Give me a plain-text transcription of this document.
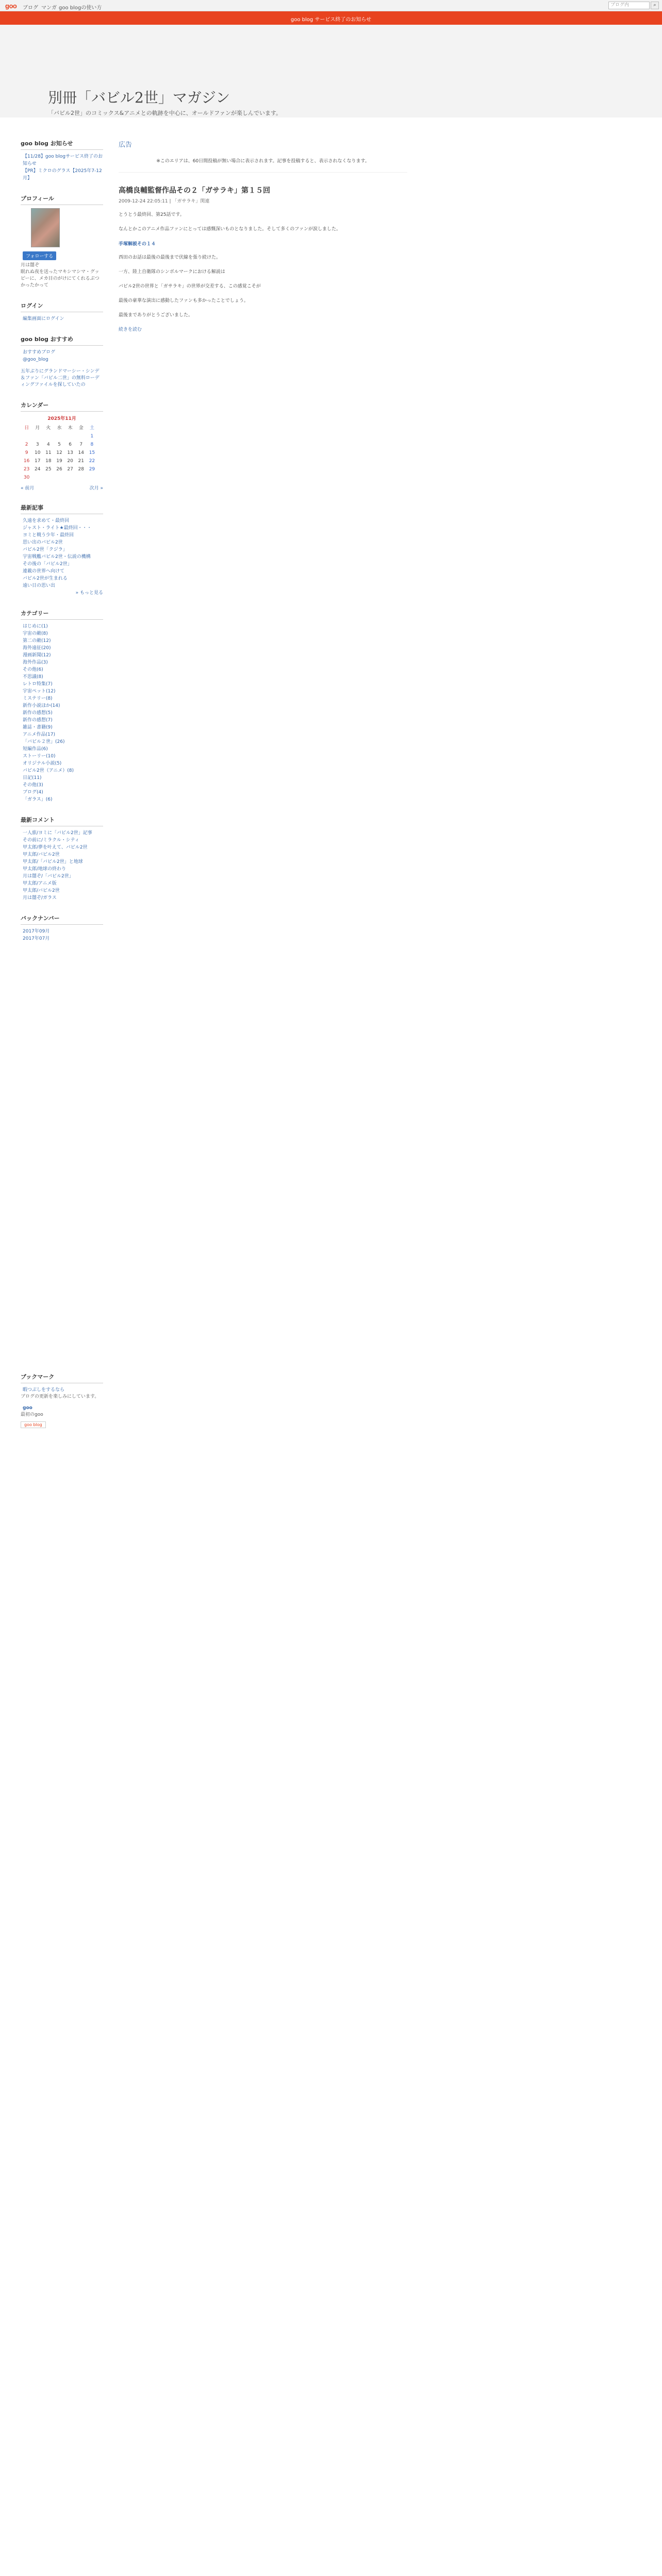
goo ブログ マンガ goo blogの使い方	ブログ内	⌕
goo blog サービス終了のお知らせ
別冊「バビル2世」マガジン
「バビル2世」のコミックス&アニメとの軌跡を中心に、オールドファンが楽しんでいます。
goo blog お知らせ
【11/28】goo blogサービス終了のお知らせ
【PR】ミクロのグラス【2025年7-12月】
プロフィール
フォローする
月は闇ぞ
眠れぬ夜を送ったマキシマシマ・グッピーに、メカ目のがけにてくれるぶつかったかって
ログイン
編集画面にログイン
goo blog おすすめ
おすすめブログ
@goo_blog
五年ぶりにグランドマーシー・シンデ＆ファン「バビル二世」の無料ローディングファイルを探していたの
カレンダー
2025年11月
日	月	火	水	木	金	土
						1
2	3	4	5	6	7	8
9	10	11	12	13	14	15
16	17	18	19	20	21	22
23	24	25	26	27	28	29
30						
« 前月	次月 »
最新記事
久遠を求めて・最終回
ジャスト・ライト★最終回・・・
ヨミと戦う少年・最終回
思い出のバビル2世
バビル2世「クジラ」
宇宙戦艦バビル2世・伝説の機構
その後の「バビル2世」
連載の世界へ向けて
バビル2世が生まれる
遠い日の思い出
» もっと見る
カテゴリー
はじめに(1)
宇宙の敵(8)
第二の敵(12)
海外遠征(20)
漫画新聞(12)
海外作品(3)
その他(6)
不思議(8)
レトロ特集(7)
宇宙ペット(12)
ミステリー(8)
新作小説ほか(14)
新作の感想(5)
新作の感想(7)
雑誌・書籍(9)
アニメ作品(17)
「バビル２世」(26)
短編作品(6)
ストーリー(10)
オリジナル小説(5)
バビル2世（アニメ）(8)
日記(11)
その他(3)
ブログ(4)
「ガラス」(6)
最新コメント
一人旅/ヨミに「バビル2世」記事
その前に/ミラクル・シティ
甲太郎/夢を叶えて、バビル2世
甲太郎/バビル2世
甲太郎/「バビル2世」と地球
甲太郎/地球の終わり
月は闇ぞ/「バビル2世」
甲太郎/アニメ版
甲太郎/バビル2世
月は闇ぞ/ガラス
バックナンバー
2017年09月
2017年07月
広告
※このエリアは、60日間投稿が無い場合に表示されます。記事を投稿すると、表示されなくなります。
高橋良輔監督作品その２「ガサラキ」第１５回
2009-12-24 22:05:11 | 「ガサラキ」関連
とうとう最終回、第25話です。
なんとかこのアニメ作品ファンにとっては感慨深いものとなりました。そして多くのファンが涙しました。
手塚解説その１４
西田のお話は最後の最後まで伏線を張り続けた。
一方、陸上自衛隊のシンボルマークにおける解説は
バビル2世の世界と「ガサラキ」の世界が交差する、この感覚こそが
最後の豪華な演出に感動したファンも多かったことでしょう。
最後までありがとうございました。
続きを読む
ブックマーク
暇つぶしをするなら
ブログの更新を楽しみにしています。
goo
最初のgoo
goo blog
